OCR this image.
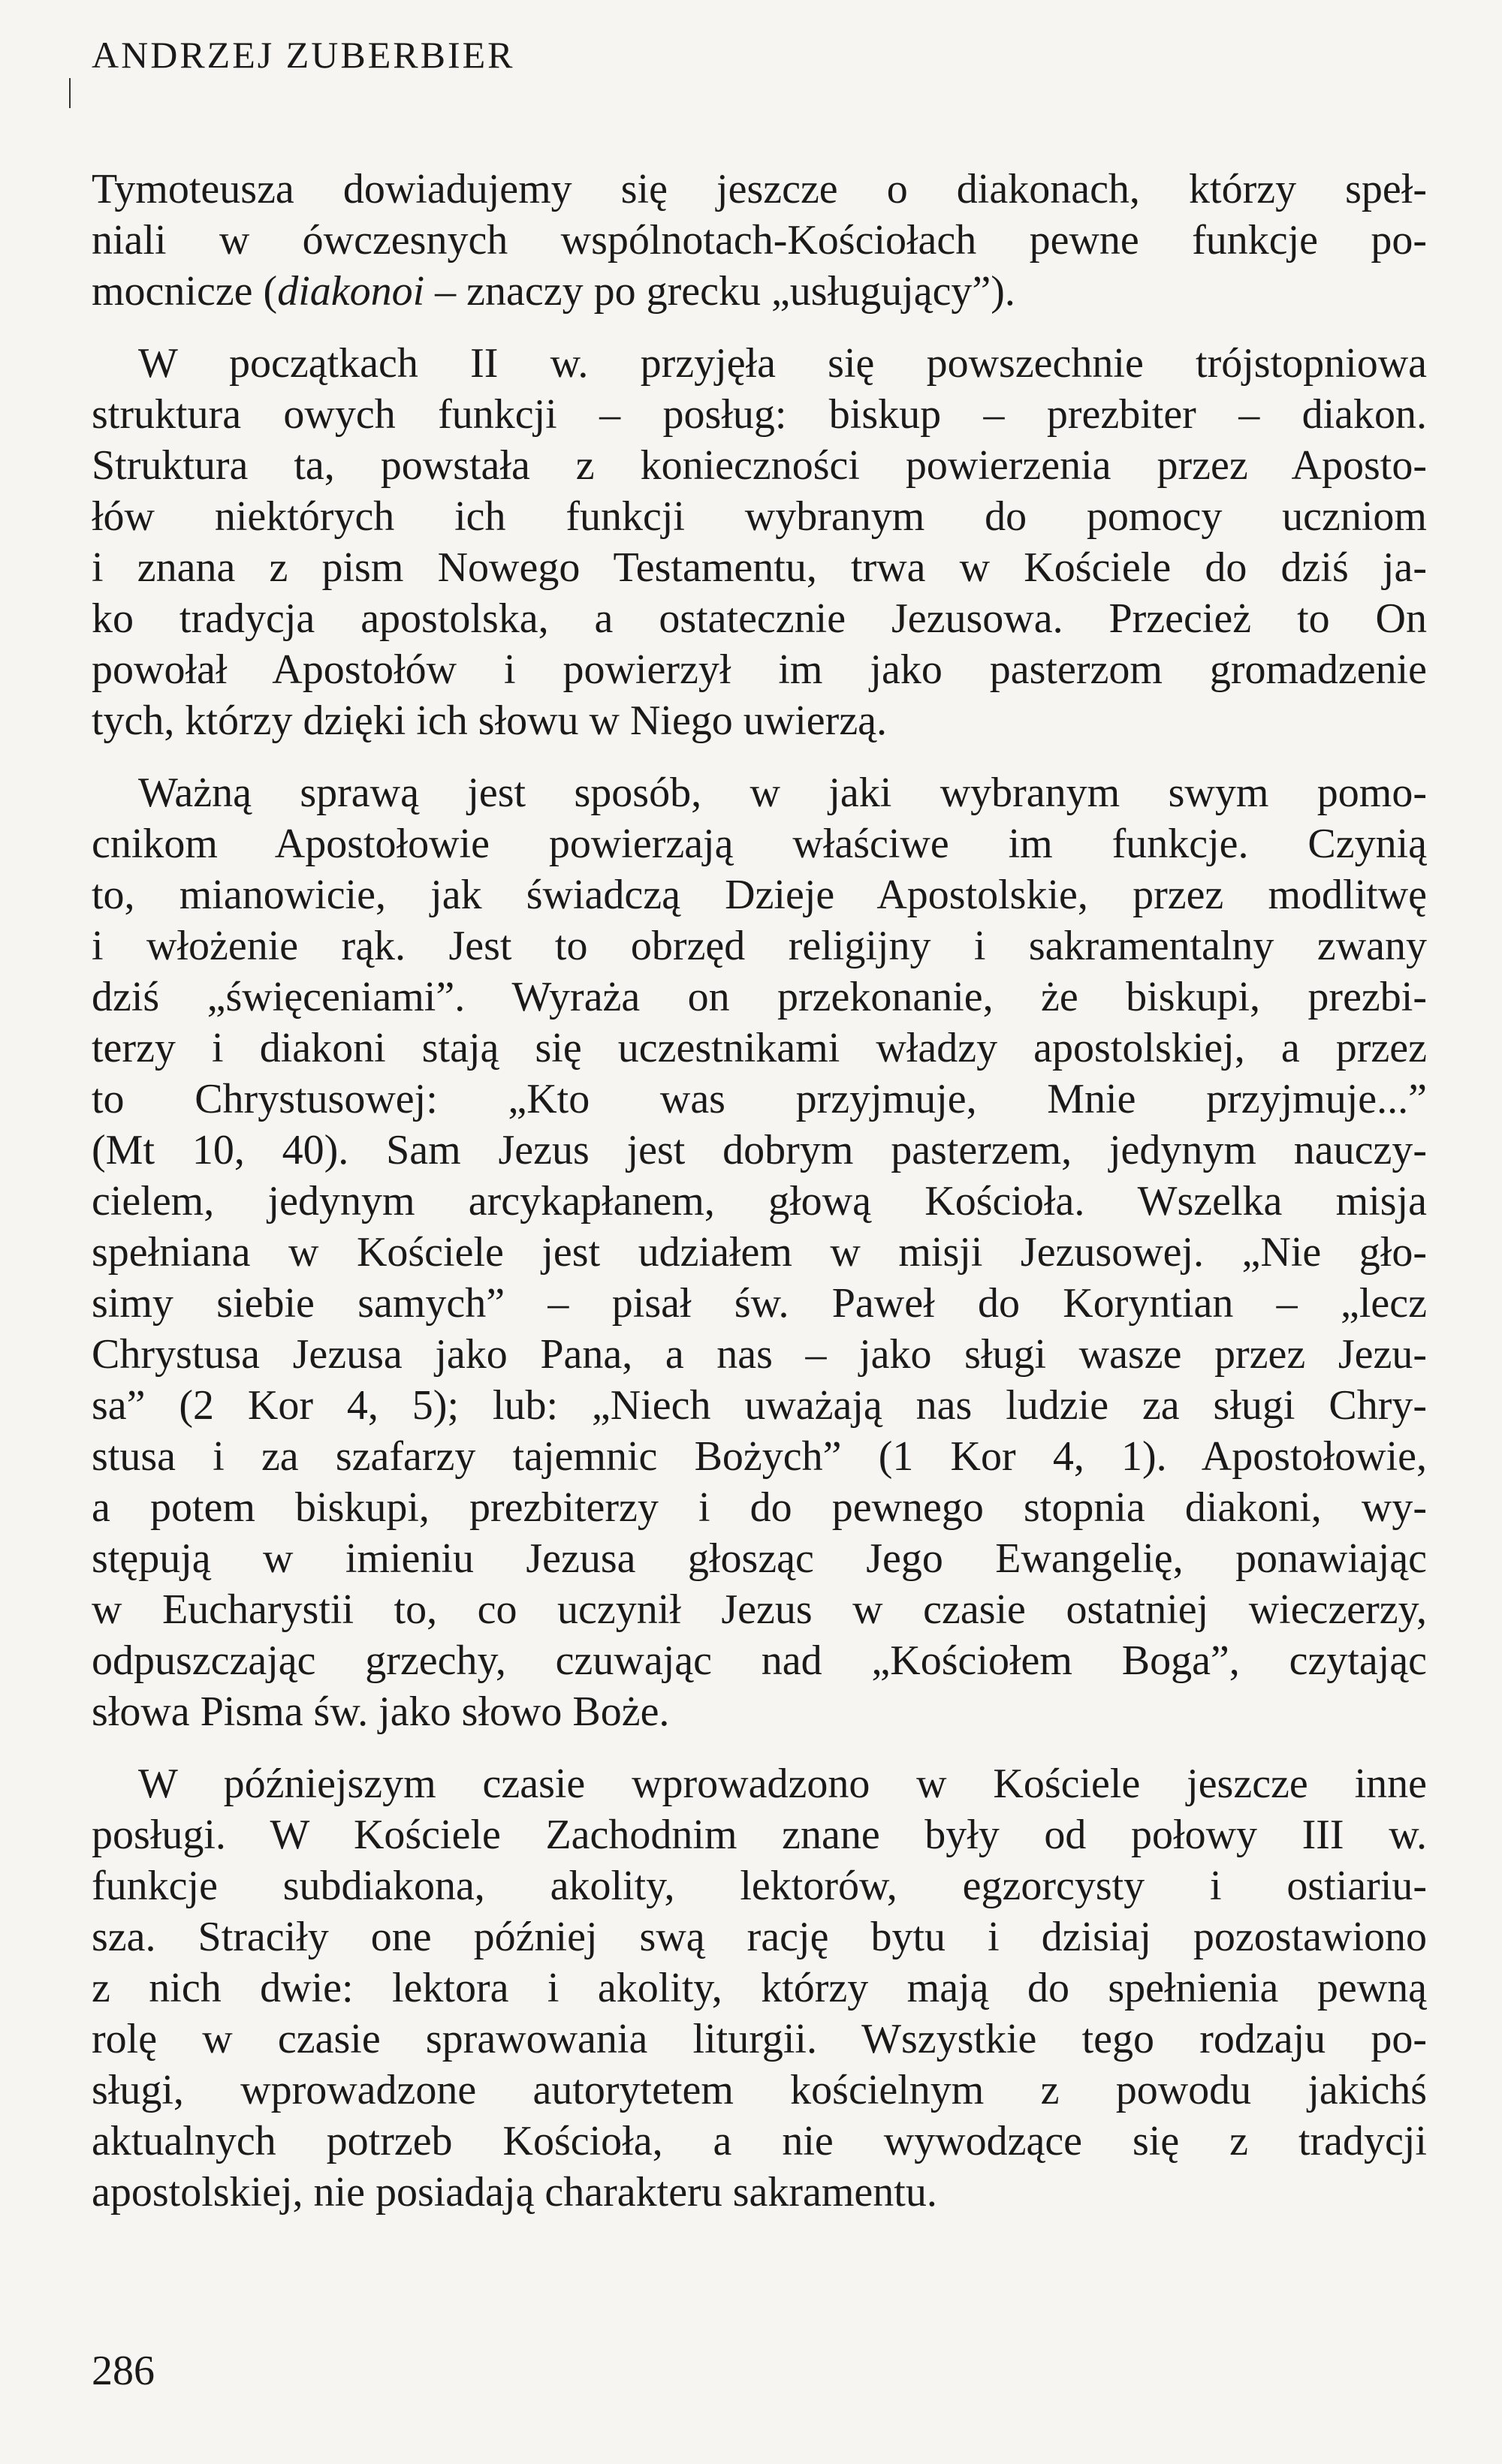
ANDRZEJ ZUBERBIER
Tymoteusza dowiadujemy się jeszcze o diakonach, którzy speł-
niali w ówczesnych wspólnotach-Kościołach pewne funkcje po-
mocnicze (diakonoi – znaczy po grecku „usługujący”).
W początkach II w. przyjęła się powszechnie trójstopniowa
struktura owych funkcji – posług: biskup – prezbiter – diakon.
Struktura ta, powstała z konieczności powierzenia przez Aposto-
łów niektórych ich funkcji wybranym do pomocy uczniom
i znana z pism Nowego Testamentu, trwa w Kościele do dziś ja-
ko tradycja apostolska, a ostatecznie Jezusowa. Przecież to On
powołał Apostołów i powierzył im jako pasterzom gromadzenie
tych, którzy dzięki ich słowu w Niego uwierzą.
Ważną sprawą jest sposób, w jaki wybranym swym pomo-
cnikom Apostołowie powierzają właściwe im funkcje. Czynią
to, mianowicie, jak świadczą Dzieje Apostolskie, przez modlitwę
i włożenie rąk. Jest to obrzęd religijny i sakramentalny zwany
dziś „święceniami”. Wyraża on przekonanie, że biskupi, prezbi-
terzy i diakoni stają się uczestnikami władzy apostolskiej, a przez
to Chrystusowej: „Kto was przyjmuje, Mnie przyjmuje...”
(Mt 10, 40). Sam Jezus jest dobrym pasterzem, jedynym nauczy-
cielem, jedynym arcykapłanem, głową Kościoła. Wszelka misja
spełniana w Kościele jest udziałem w misji Jezusowej. „Nie gło-
simy siebie samych” – pisał św. Paweł do Koryntian – „lecz
Chrystusa Jezusa jako Pana, a nas – jako sługi wasze przez Jezu-
sa” (2 Kor 4, 5); lub: „Niech uważają nas ludzie za sługi Chry-
stusa i za szafarzy tajemnic Bożych” (1 Kor 4, 1). Apostołowie,
a potem biskupi, prezbiterzy i do pewnego stopnia diakoni, wy-
stępują w imieniu Jezusa głosząc Jego Ewangelię, ponawiając
w Eucharystii to, co uczynił Jezus w czasie ostatniej wieczerzy,
odpuszczając grzechy, czuwając nad „Kościołem Boga”, czytając
słowa Pisma św. jako słowo Boże.
W późniejszym czasie wprowadzono w Kościele jeszcze inne
posługi. W Kościele Zachodnim znane były od połowy III w.
funkcje subdiakona, akolity, lektorów, egzorcysty i ostiariu-
sza. Straciły one później swą rację bytu i dzisiaj pozostawiono
z nich dwie: lektora i akolity, którzy mają do spełnienia pewną
rolę w czasie sprawowania liturgii. Wszystkie tego rodzaju po-
sługi, wprowadzone autorytetem kościelnym z powodu jakichś
aktualnych potrzeb Kościoła, a nie wywodzące się z tradycji
apostolskiej, nie posiadają charakteru sakramentu.

286
